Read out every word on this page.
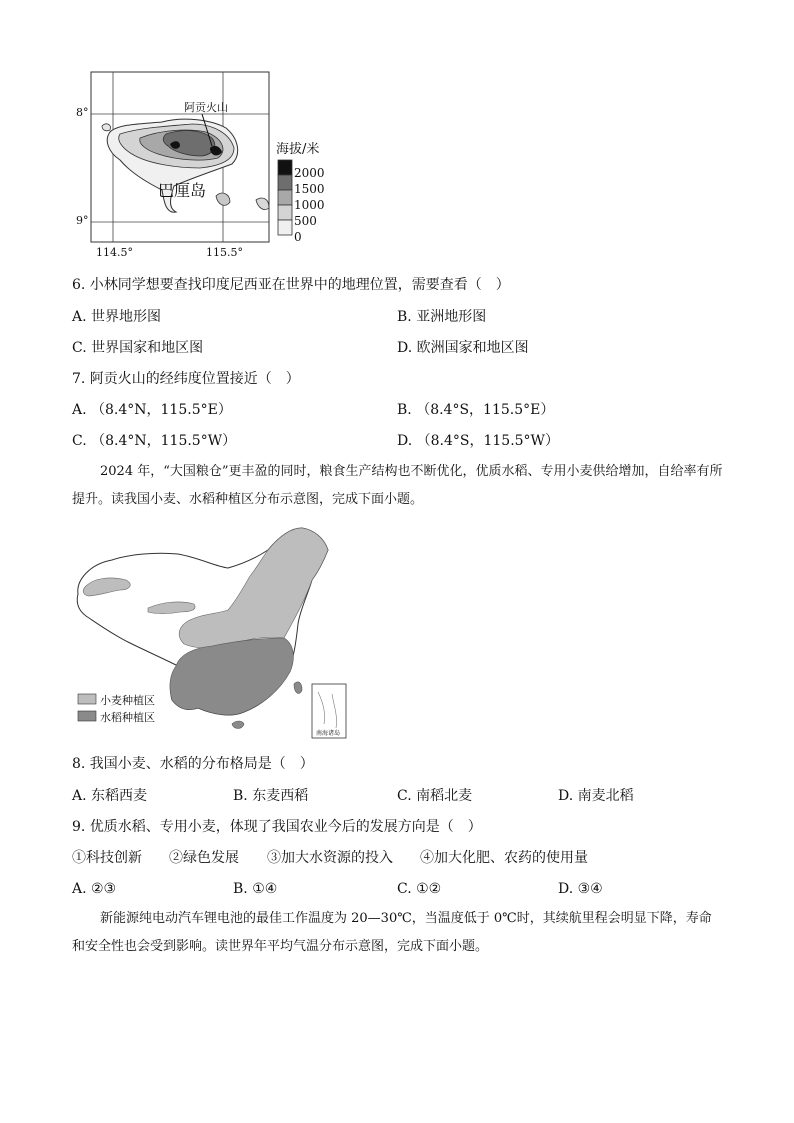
阿贡火山
巴厘岛
8°
9°
114.5°	115.5°
海拔/米
2000
1500
1000
500
0
6. 小林同学想要查找印度尼西亚在世界中的地理位置，需要查看（　）
A. 世界地形图	B. 亚洲地形图
C. 世界国家和地区图	D. 欧洲国家和地区图
7. 阿贡火山的经纬度位置接近（　）
A. （8.4°N，115.5°E）	B. （8.4°S，115.5°E）
C. （8.4°N，115.5°W）	D. （8.4°S，115.5°W）
2024 年，“大国粮仓”更丰盈的同时，粮食生产结构也不断优化，优质水稻、专用小麦供给增加，自给率有所提升。读我国小麦、水稻种植区分布示意图，完成下面小题。
小麦种植区
水稻种植区
南海诸岛
8. 我国小麦、水稻的分布格局是（　）
A. 东稻西麦	B. 东麦西稻	C. 南稻北麦	D. 南麦北稻
9. 优质水稻、专用小麦，体现了我国农业今后的发展方向是（　）
①科技创新 ②绿色发展 ③加大水资源的投入 ④加大化肥、农药的使用量
A. ②③	B. ①④	C. ①②	D. ③④
新能源纯电动汽车锂电池的最佳工作温度为 20—30℃，当温度低于 0℃时，其续航里程会明显下降，寿命和安全性也会受到影响。读世界年平均气温分布示意图，完成下面小题。
